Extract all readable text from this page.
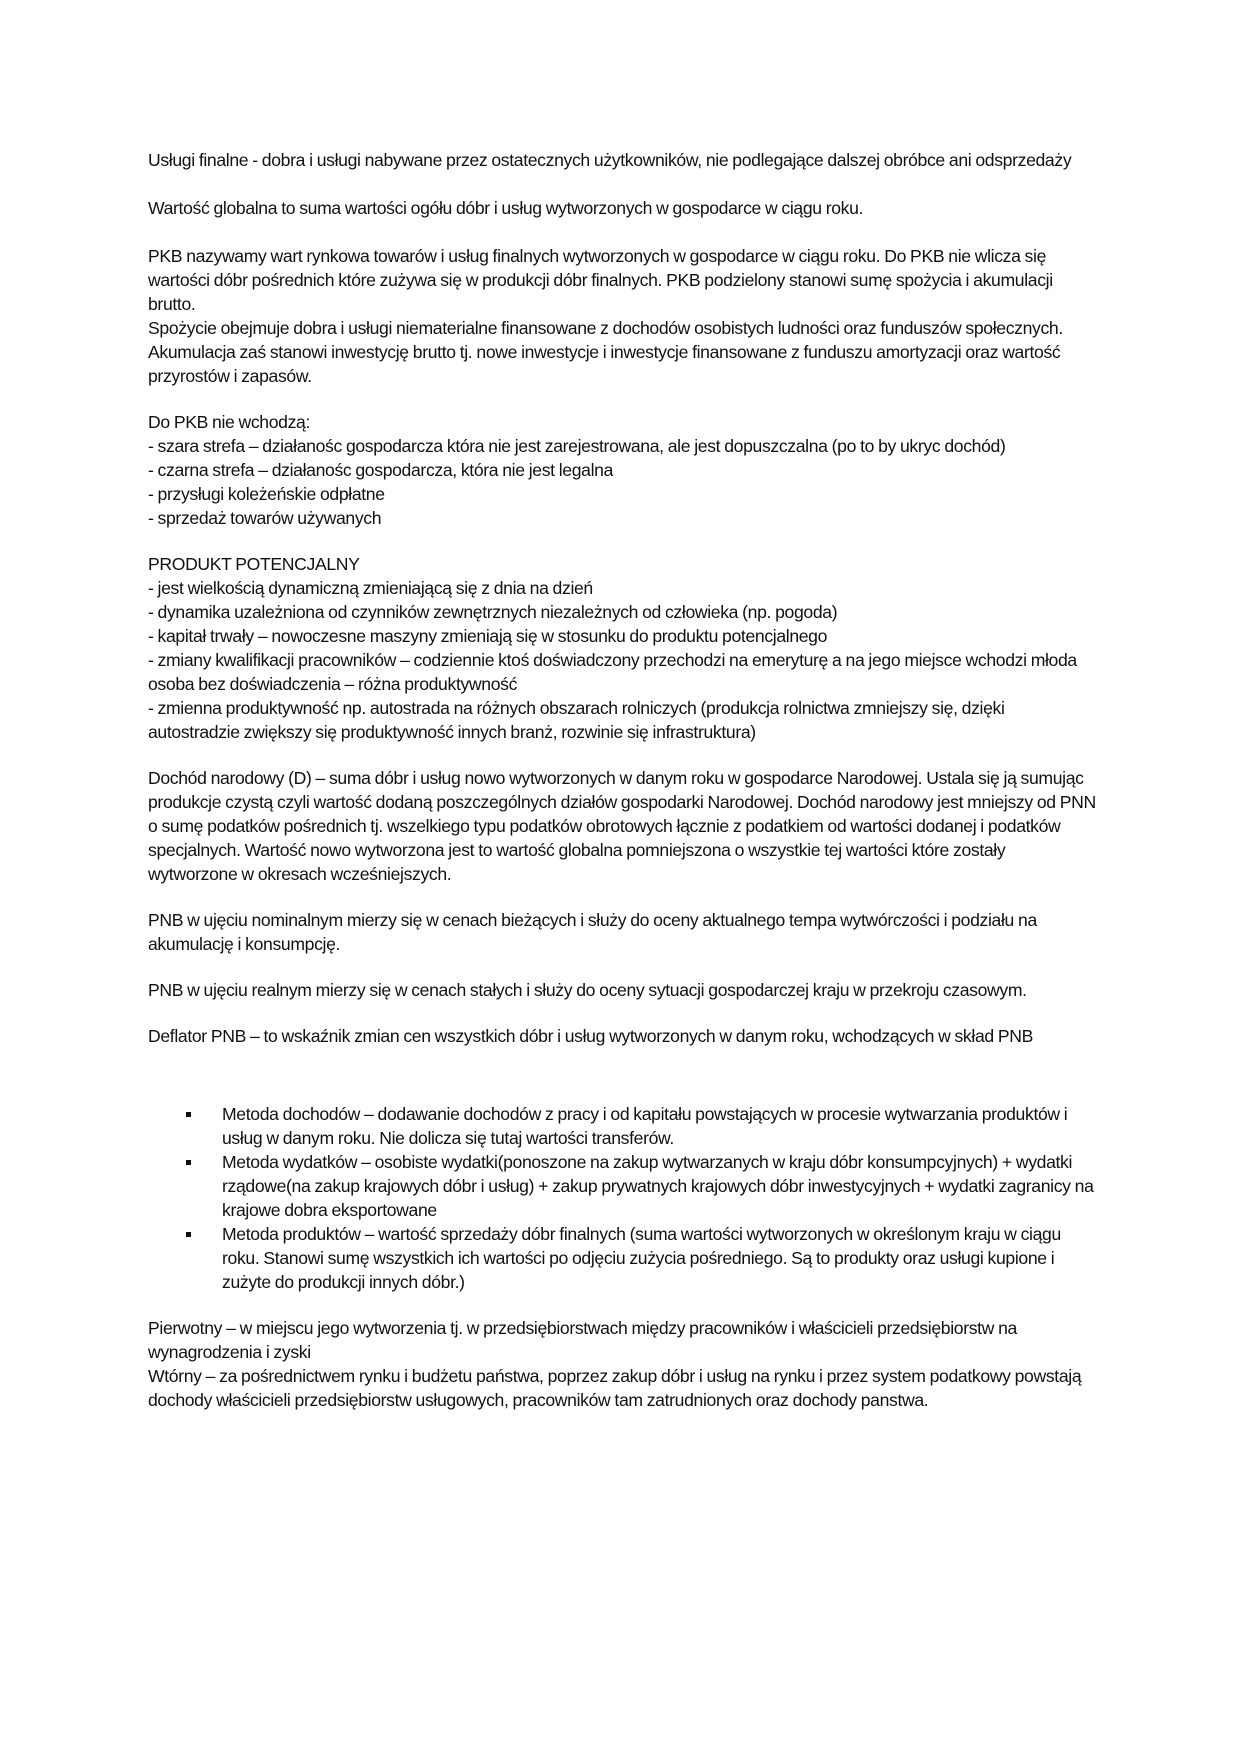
Usługi finalne - dobra i usługi nabywane przez ostatecznych użytkowników, nie podlegające dalszej obróbce ani odsprzedaży

Wartość globalna to suma wartości ogółu dóbr i usług wytworzonych w gospodarce w ciągu roku.

PKB nazywamy wart rynkowa towarów i usług finalnych wytworzonych w gospodarce w ciągu roku. Do PKB nie wlicza się wartości dóbr pośrednich które zużywa się w produkcji dóbr finalnych. PKB podzielony stanowi sumę spożycia i akumulacji brutto.

Spożycie obejmuje dobra i usługi niematerialne finansowane z dochodów osobistych ludności oraz funduszów społecznych.

Akumulacja zaś stanowi inwestycję brutto tj. nowe inwestycje i inwestycje finansowane z funduszu amortyzacji oraz wartość przyrostów i zapasów.

Do PKB nie wchodzą:

- szara strefa – działanośc gospodarcza która nie jest zarejestrowana, ale jest dopuszczalna (po to by ukryc dochód)

- czarna strefa – działanośc gospodarcza, która nie jest legalna

- przysługi koleżeńskie odpłatne

- sprzedaż towarów używanych

PRODUKT POTENCJALNY

- jest wielkością dynamiczną zmieniającą się z dnia na dzień

- dynamika uzależniona od czynników zewnętrznych niezależnych od człowieka (np. pogoda)

- kapitał trwały – nowoczesne maszyny zmieniają się w stosunku do produktu potencjalnego

- zmiany kwalifikacji pracowników – codziennie ktoś doświadczony przechodzi na emeryturę a na jego miejsce wchodzi młoda osoba bez doświadczenia – różna produktywność

- zmienna produktywność np. autostrada na różnych obszarach rolniczych (produkcja rolnictwa zmniejszy się, dzięki autostradzie zwiększy się produktywność innych branż, rozwinie się infrastruktura)

Dochód narodowy (D) – suma dóbr i usług nowo wytworzonych w danym roku w gospodarce Narodowej. Ustala się ją sumując produkcje czystą czyli wartość dodaną poszczególnych działów gospodarki Narodowej. Dochód narodowy jest mniejszy od PNN o sumę podatków pośrednich tj. wszelkiego typu podatków obrotowych łącznie z podatkiem od wartości dodanej i podatków specjalnych. Wartość nowo wytworzona jest to wartość globalna pomniejszona o wszystkie tej wartości które zostały wytworzone w okresach wcześniejszych.

PNB w ujęciu nominalnym mierzy się w cenach bieżących i służy do oceny aktualnego tempa wytwórczości i podziału na akumulację i konsumpcję.

PNB w ujęciu realnym mierzy się w cenach stałych i służy do oceny sytuacji gospodarczej kraju w przekroju czasowym.

Deflator PNB – to wskaźnik zmian cen wszystkich dóbr i usług wytworzonych w danym roku, wchodzących w skład PNB

Metoda dochodów – dodawanie dochodów z pracy i od kapitału powstających w procesie wytwarzania produktów i usług w danym roku. Nie dolicza się tutaj wartości transferów.
Metoda wydatków – osobiste wydatki(ponoszone na zakup wytwarzanych w kraju dóbr konsumpcyjnych) + wydatki rządowe(na zakup krajowych dóbr i usług) + zakup prywatnych krajowych dóbr inwestycyjnych + wydatki zagranicy na krajowe dobra eksportowane
Metoda produktów – wartość sprzedaży dóbr finalnych (suma wartości wytworzonych w określonym kraju w ciągu roku. Stanowi sumę wszystkich ich wartości po odjęciu zużycia pośredniego. Są to produkty oraz usługi kupione i zużyte do produkcji innych dóbr.)

Pierwotny – w miejscu jego wytworzenia tj. w przedsiębiorstwach między pracowników i właścicieli przedsiębiorstw na wynagrodzenia i zyski

Wtórny – za pośrednictwem rynku i budżetu państwa, poprzez zakup dóbr i usług na rynku i przez system podatkowy powstają dochody właścicieli przedsiębiorstw usługowych, pracowników tam zatrudnionych oraz dochody panstwa.
